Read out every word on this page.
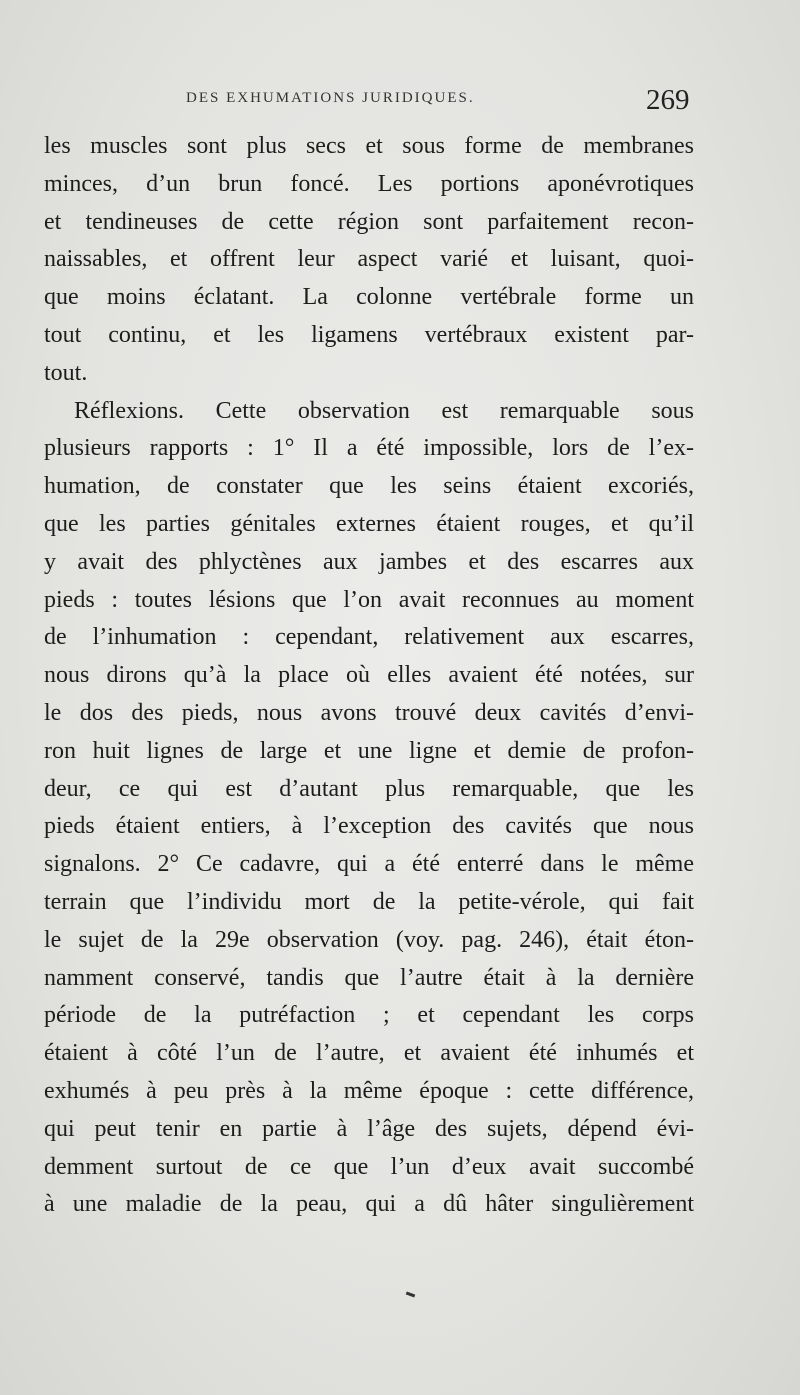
DES EXHUMATIONS JURIDIQUES.	269
les muscles sont plus secs et sous forme de membranes
minces, d’un brun foncé. Les portions aponévrotiques
et tendineuses de cette région sont parfaitement recon-
naissables, et offrent leur aspect varié et luisant, quoi-
que moins éclatant. La colonne vertébrale forme un
tout continu, et les ligamens vertébraux existent par-
tout.
Réflexions. Cette observation est remarquable sous
plusieurs rapports : 1° Il a été impossible, lors de l’ex-
humation, de constater que les seins étaient excoriés,
que les parties génitales externes étaient rouges, et qu’il
y avait des phlyctènes aux jambes et des escarres aux
pieds : toutes lésions que l’on avait reconnues au moment
de l’inhumation : cependant, relativement aux escarres,
nous dirons qu’à la place où elles avaient été notées, sur
le dos des pieds, nous avons trouvé deux cavités d’envi-
ron huit lignes de large et une ligne et demie de profon-
deur, ce qui est d’autant plus remarquable, que les
pieds étaient entiers, à l’exception des cavités que nous
signalons. 2° Ce cadavre, qui a été enterré dans le même
terrain que l’individu mort de la petite-vérole, qui fait
le sujet de la 29e observation (voy. pag. 246), était éton-
namment conservé, tandis que l’autre était à la dernière
période de la putréfaction ; et cependant les corps
étaient à côté l’un de l’autre, et avaient été inhumés et
exhumés à peu près à la même époque : cette différence,
qui peut tenir en partie à l’âge des sujets, dépend évi-
demment surtout de ce que l’un d’eux avait succombé
à une maladie de la peau, qui a dû hâter singulièrement
